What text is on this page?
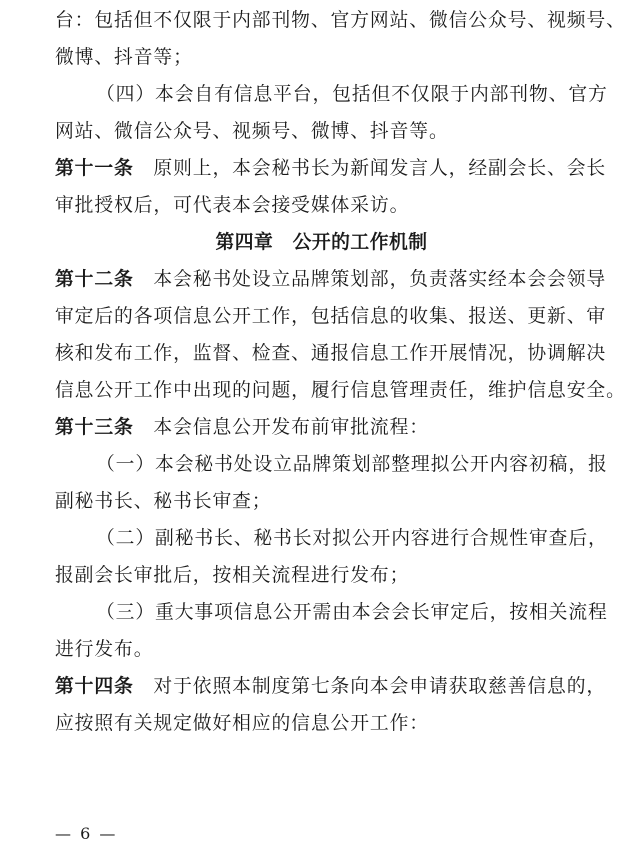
台：包括但不仅限于内部刊物、官方网站、微信公众号、视频号、
微博、抖音等；
（四）本会自有信息平台，包括但不仅限于内部刊物、官方
网站、微信公众号、视频号、微博、抖音等。
第十一条　原则上，本会秘书长为新闻发言人，经副会长、会长
审批授权后，可代表本会接受媒体采访。
第四章　公开的工作机制
第十二条　本会秘书处设立品牌策划部，负责落实经本会会领导
审定后的各项信息公开工作，包括信息的收集、报送、更新、审
核和发布工作，监督、检查、通报信息工作开展情况，协调解决
信息公开工作中出现的问题，履行信息管理责任，维护信息安全。
第十三条　本会信息公开发布前审批流程：
（一）本会秘书处设立品牌策划部整理拟公开内容初稿，报
副秘书长、秘书长审查；
（二）副秘书长、秘书长对拟公开内容进行合规性审查后，
报副会长审批后，按相关流程进行发布；
（三）重大事项信息公开需由本会会长审定后，按相关流程
进行发布。
第十四条　对于依照本制度第七条向本会申请获取慈善信息的，
应按照有关规定做好相应的信息公开工作：
— 6 —
